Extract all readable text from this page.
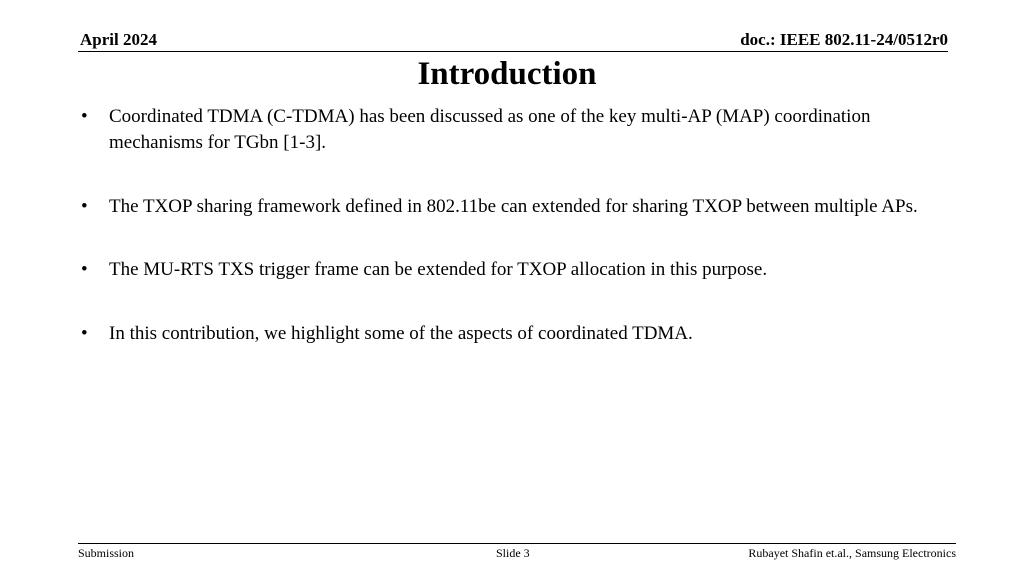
April 2024	doc.: IEEE 802.11-24/0512r0
Introduction
• Coordinated TDMA (C-TDMA) has been discussed as one of the key multi-AP (MAP) coordination mechanisms for TGbn [1-3].
• The TXOP sharing framework defined in 802.11be can extended for sharing TXOP between multiple APs.
• The MU-RTS TXS trigger frame can be extended for TXOP allocation in this purpose.
• In this contribution, we highlight some of the aspects of coordinated TDMA.
Submission	Slide 3	Rubayet Shafin et.al., Samsung Electronics
